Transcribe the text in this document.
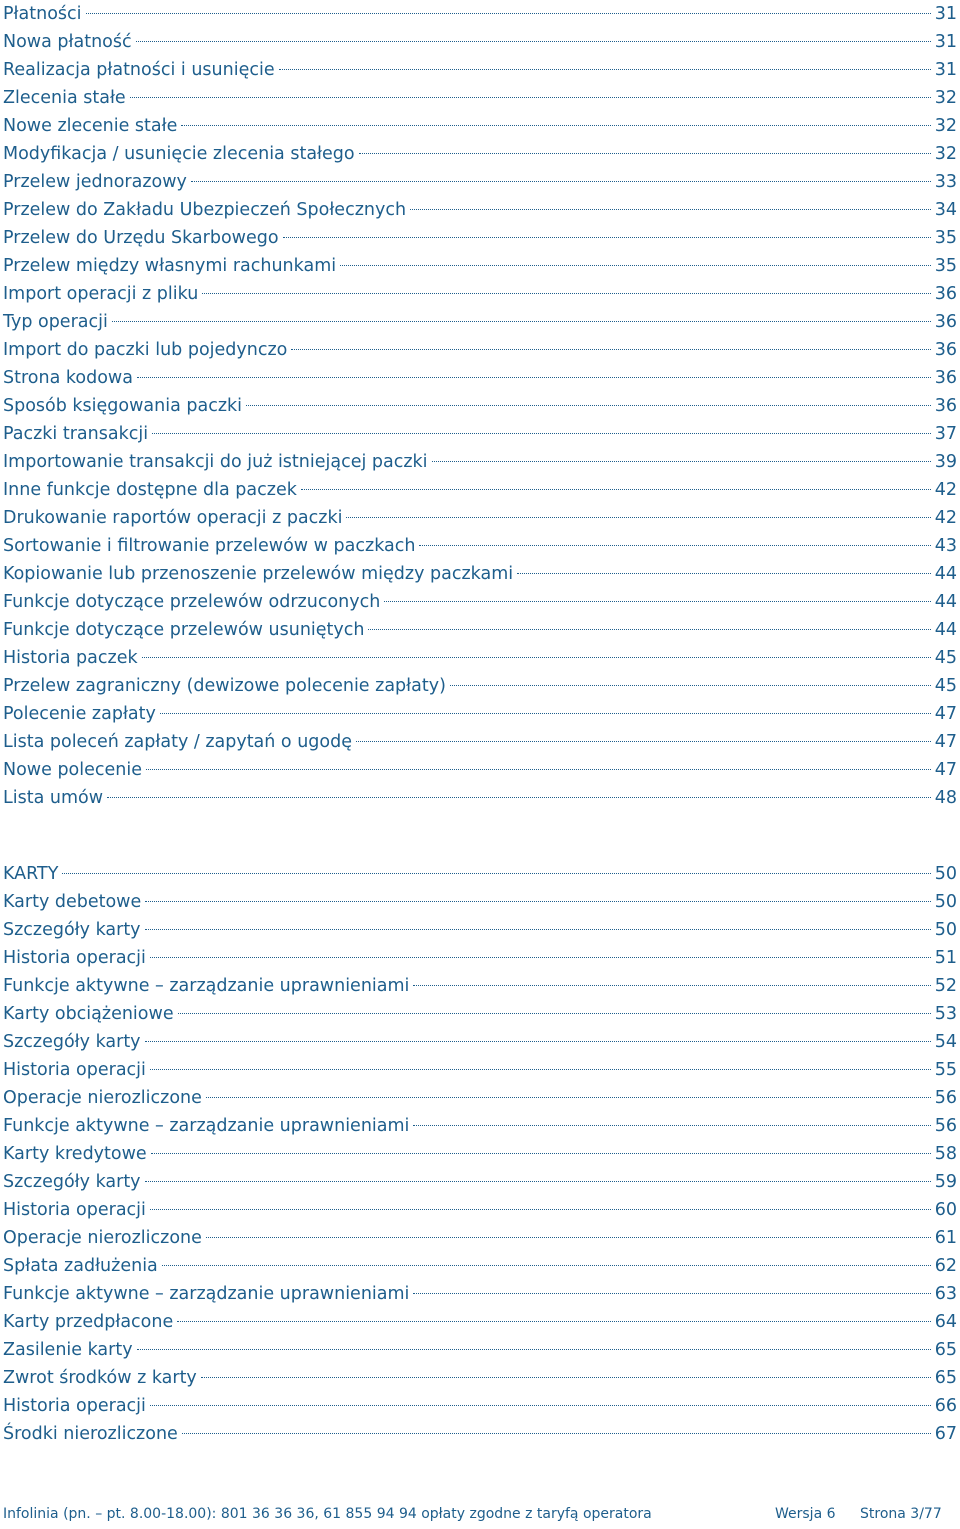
Płatności	31
Nowa płatność	31
Realizacja płatności i usunięcie	31
Zlecenia stałe	32
Nowe zlecenie stałe	32
Modyfikacja / usunięcie zlecenia stałego	32
Przelew jednorazowy	33
Przelew do Zakładu Ubezpieczeń Społecznych	34
Przelew do Urzędu Skarbowego	35
Przelew między własnymi rachunkami	35
Import operacji z pliku	36
Typ operacji	36
Import do paczki lub pojedynczo	36
Strona kodowa	36
Sposób księgowania paczki	36
Paczki transakcji	37
Importowanie transakcji do już istniejącej paczki	39
Inne funkcje dostępne dla paczek	42
Drukowanie raportów operacji z paczki	42
Sortowanie i filtrowanie przelewów w paczkach	43
Kopiowanie lub przenoszenie przelewów między paczkami	44
Funkcje dotyczące przelewów odrzuconych	44
Funkcje dotyczące przelewów usuniętych	44
Historia paczek	45
Przelew zagraniczny (dewizowe polecenie zapłaty)	45
Polecenie zapłaty	47
Lista poleceń zapłaty / zapytań o ugodę	47
Nowe polecenie	47
Lista umów	48
KARTY	50
Karty debetowe	50
Szczegóły karty	50
Historia operacji	51
Funkcje aktywne – zarządzanie uprawnieniami	52
Karty obciążeniowe	53
Szczegóły karty	54
Historia operacji	55
Operacje nierozliczone	56
Funkcje aktywne – zarządzanie uprawnieniami	56
Karty kredytowe	58
Szczegóły karty	59
Historia operacji	60
Operacje nierozliczone	61
Spłata zadłużenia	62
Funkcje aktywne – zarządzanie uprawnieniami	63
Karty przedpłacone	64
Zasilenie karty	65
Zwrot środków z karty	65
Historia operacji	66
Środki nierozliczone	67
Infolinia (pn. – pt. 8.00-18.00): 801 36 36 36, 61 855 94 94 opłaty zgodne z taryfą operatora	Wersja 6 Strona 3/77
